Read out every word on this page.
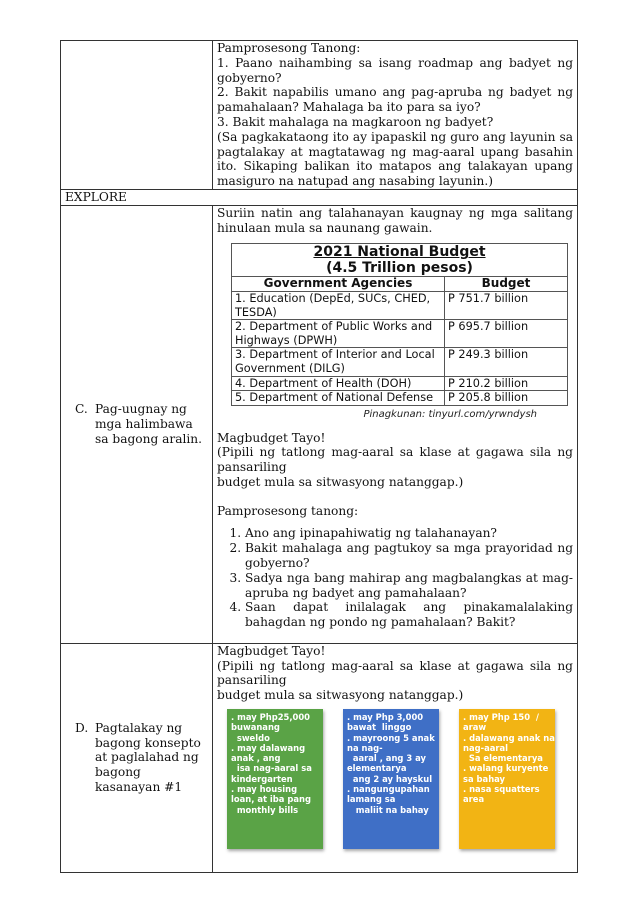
Pamprosesong Tanong:
1. Paano naihambing sa isang roadmap ang badyet ng gobyerno?
2. Bakit napabilis umano ang pag-apruba ng badyet ng pamahalaan? Mahalaga ba ito para sa iyo?
3. Bakit mahalaga na magkaroon ng badyet?
(Sa pagkakataong ito ay ipapaskil ng guro ang layunin sa pagtalakay at magtatawag ng mag-aaral upang basahin ito. Sikaping balikan ito matapos ang talakayan upang masiguro na natupad ang nasabing layunin.)

EXPLORE

C. Pag-uugnay ng mga halimbawa sa bagong aralin.

Suriin natin ang talahanayan kaugnay ng mga salitang hinulaan mula sa naunang gawain.
2021 National Budget
(4.5 Trillion pesos)

Government Agencies	Budget
1. Education (DepEd, SUCs, CHED, TESDA)	P 751.7 billion
2. Department of Public Works and Highways (DPWH)	P 695.7 billion
3. Department of Interior and Local Government (DILG)	P 249.3 billion
4. Department of Health (DOH)	P 210.2 billion
5. Department of National Defense	P 205.8 billion
Pinagkunan: tinyurl.com/yrwndysh
Magbudget Tayo!
(Pipili ng tatlong mag-aaral sa klase at gagawa sila ng pansariling
budget mula sa sitwasyong natanggap.)
Pamprosesong tanong:
1. Ano ang ipinapahiwatig ng talahanayan?
2. Bakit mahalaga ang pagtukoy sa mga prayoridad ng gobyerno?
3. Sadya nga bang mahirap ang magbalangkas at mag-apruba ng badyet ang pamahalaan?
4. Saan dapat inilalagak ang pinakamalalaking bahagdan ng pondo ng pamahalaan? Bakit?

D. Pagtalakay ng bagong konsepto at paglalahad ng bagong kasanayan #1

Magbudget Tayo!
(Pipili ng tatlong mag-aaral sa klase at gagawa sila ng pansariling
budget mula sa sitwasyong natanggap.)
. may Php25,000
buwanang
sweldo
. may dalawang
anak , ang
isa nag-aaral sa
kindergarten
. may housing
loan, at iba pang
monthly bills
. may Php 3,000
bawat  linggo
. mayroong 5 anak
na nag-
aaral , ang 3 ay
elementarya
ang 2 ay hayskul
. nangungupahan
lamang sa
maliit na bahay
. may Php 150  /
araw
. dalawang anak na
nag-aaral
Sa elementarya
. walang kuryente
sa bahay
. nasa squatters
area
